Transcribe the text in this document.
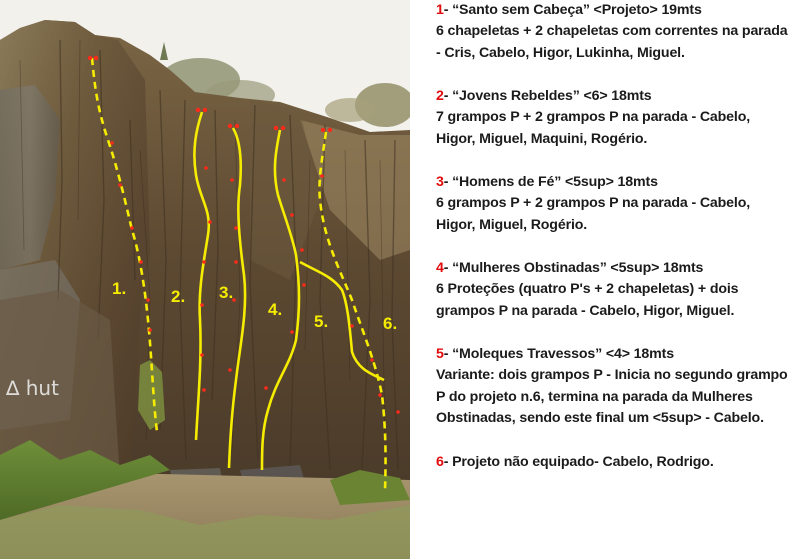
∆ hut
1.	2. 3.
4.
5.	6.
1- “Santo sem Cabeça” <Projeto> 19mts
6 chapeletas + 2 chapeletas com correntes na parada
- Cris, Cabelo, Higor, Lukinha, Miguel.
2- “Jovens Rebeldes” <6> 18mts
7 grampos P + 2 grampos P na parada - Cabelo,
Higor, Miguel, Maquini, Rogério.
3- “Homens de Fé” <5sup> 18mts
6 grampos P + 2 grampos P na parada - Cabelo,
Higor, Miguel, Rogério.
4- “Mulheres Obstinadas” <5sup> 18mts
6 Proteções (quatro P's + 2 chapeletas) + dois
grampos P na parada - Cabelo, Higor, Miguel.
5- “Moleques Travessos” <4> 18mts
Variante: dois grampos P - Inicia no segundo grampo
P do projeto n.6, termina na parada da Mulheres
Obstinadas, sendo este final um <5sup> - Cabelo.
6- Projeto não equipado- Cabelo, Rodrigo.
